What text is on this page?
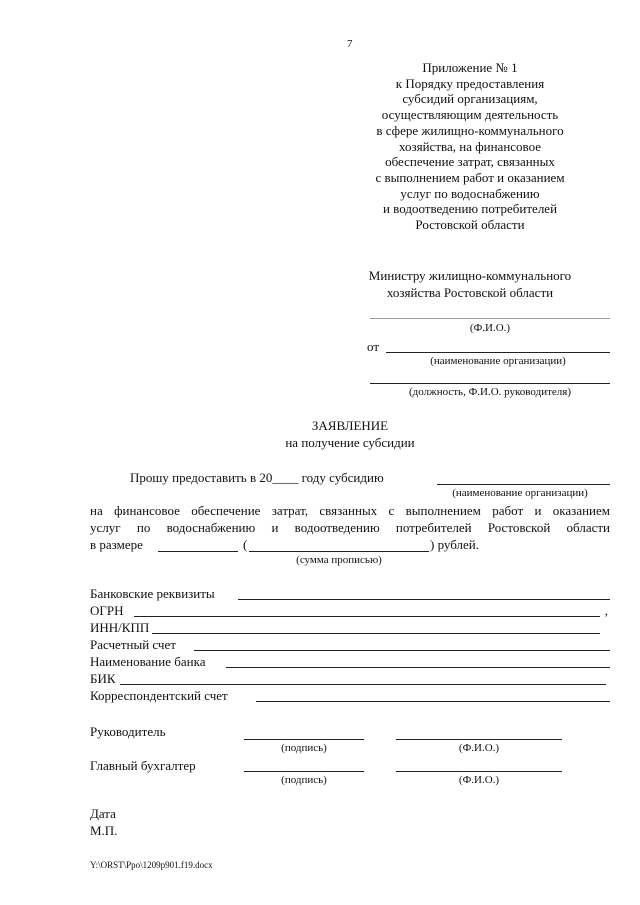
7
Приложение № 1
к Порядку предоставления
субсидий организациям,
осуществляющим деятельность
в сфере жилищно-коммунального
хозяйства, на финансовое
обеспечение затрат, связанных
с выполнением работ и оказанием
услуг по водоснабжению
и водоотведению потребителей
Ростовской области
Министру жилищно-коммунального
хозяйства Ростовской области
(Ф.И.О.)
от
(наименование организации)
(должность, Ф.И.О. руководителя)
ЗАЯВЛЕНИЕ
на получение субсидии
Прошу предоставить в 20____ году субсидию
(наименование организации)
на финансовое обеспечение затрат, связанных с выполнением работ и оказанием
услуг по водоснабжению и водоотведению потребителей Ростовской области
в размере	(	) рублей.
(сумма прописью)
Банковские реквизиты
ОГРН	,
ИНН/КПП
Расчетный счет
Наименование банка
БИК
Корреспондентский счет
Руководитель
(подпись)	(Ф.И.О.)
Главный бухгалтер
(подпись)	(Ф.И.О.)
Дата
М.П.
Y:\ORST\Ppo\1209p901.f19.docx
